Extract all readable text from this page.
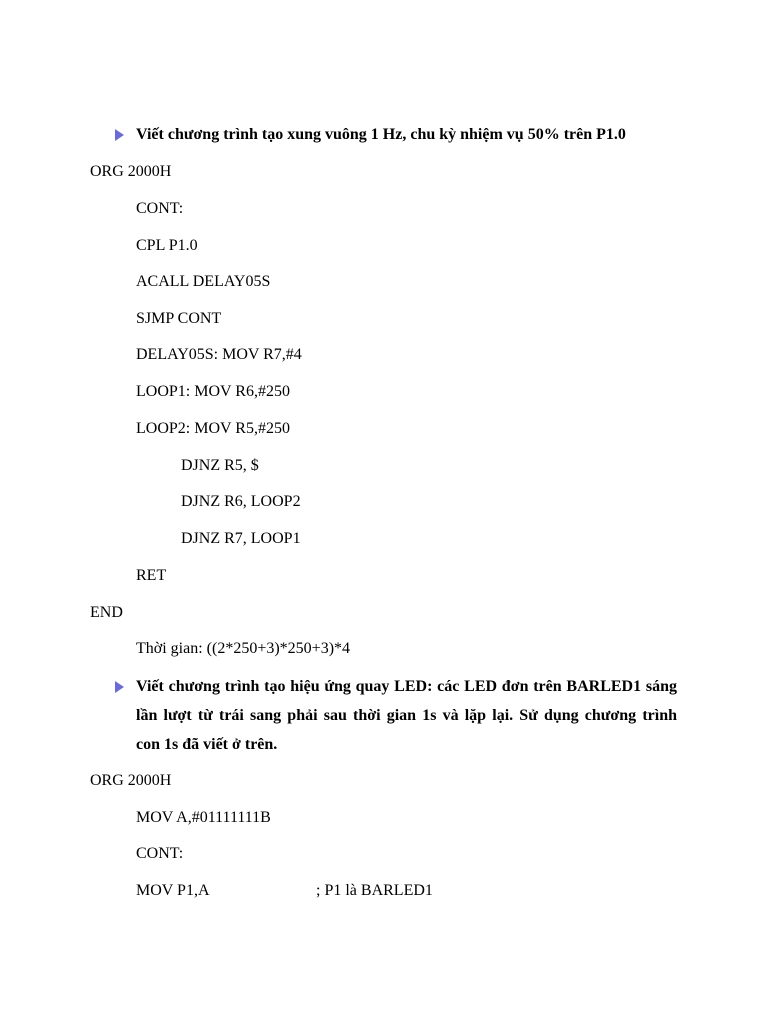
Viết chương trình tạo xung vuông 1 Hz, chu kỳ nhiệm vụ 50% trên P1.0
ORG 2000H
CONT:
CPL P1.0
ACALL DELAY05S
SJMP CONT
DELAY05S: MOV R7,#4
LOOP1: MOV R6,#250
LOOP2: MOV R5,#250
DJNZ R5, $
DJNZ R6, LOOP2
DJNZ R7, LOOP1
RET
END
Thời gian: ((2*250+3)*250+3)*4
Viết chương trình tạo hiệu ứng quay LED: các LED đơn trên BARLED1 sáng
lần lượt từ trái sang phải sau thời gian 1s và lặp lại. Sử dụng chương trình
con 1s đã viết ở trên.
ORG 2000H
MOV A,#01111111B
CONT:
MOV P1,A	; P1 là BARLED1
